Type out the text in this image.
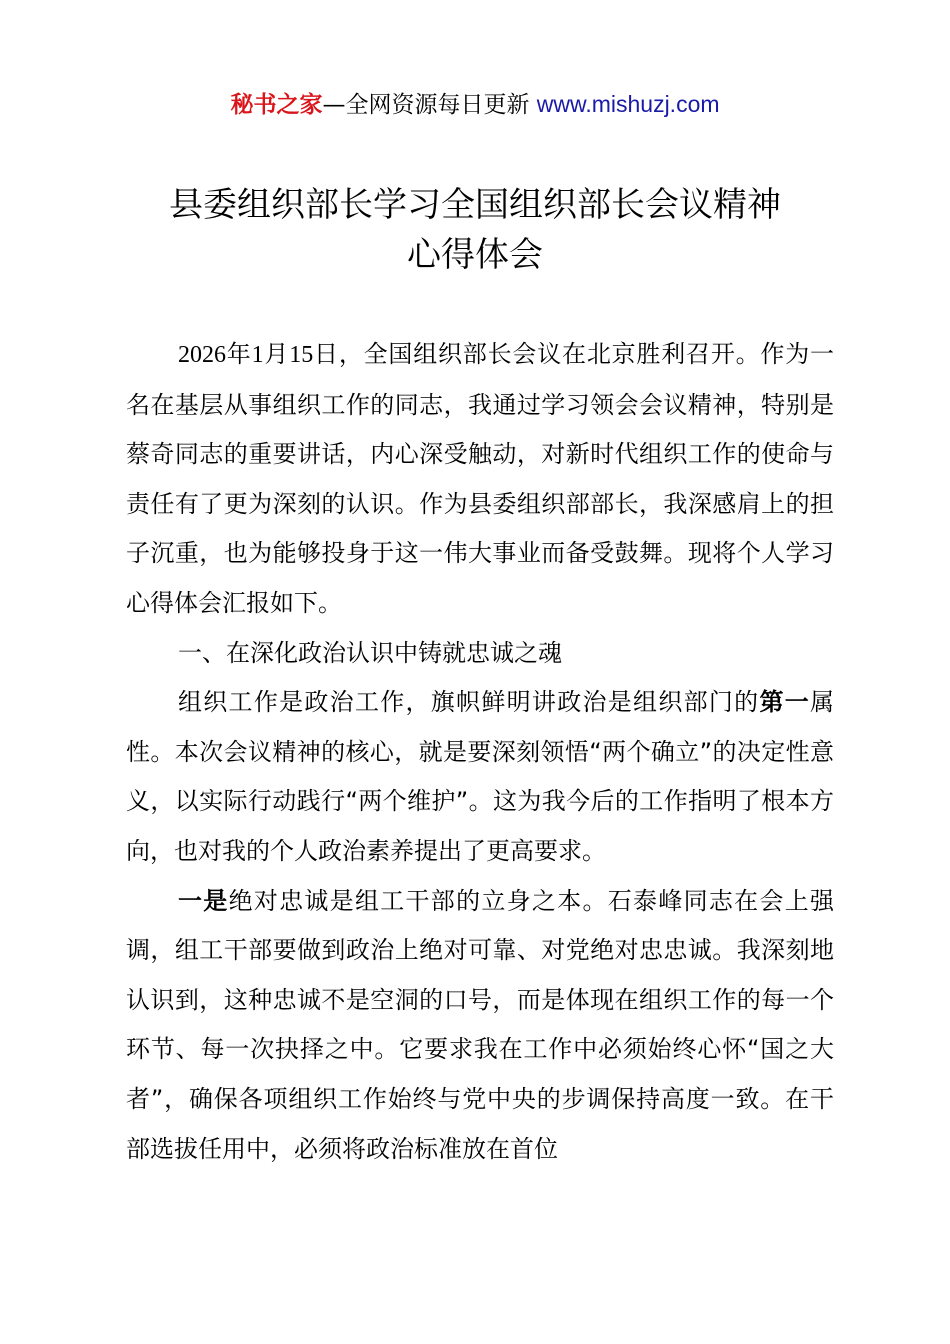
秘书之家—全网资源每日更新 www.mishuzj.com
县委组织部长学习全国组织部长会议精神
心得体会

2026年1月15日，全国组织部长会议在北京胜利召开。作为一名在基层从事组织工作的同志，我通过学习领会会议精神，特别是蔡奇同志的重要讲话，内心深受触动，对新时代组织工作的使命与责任有了更为深刻的认识。作为县委组织部部长，我深感肩上的担子沉重，也为能够投身于这一伟大事业而备受鼓舞。现将个人学习心得体会汇报如下。

一、在深化政治认识中铸就忠诚之魂

组织工作是政治工作，旗帜鲜明讲政治是组织部门的第一属性。本次会议精神的核心，就是要深刻领悟“两个确立”的决定性意义，以实际行动践行“两个维护”。这为我今后的工作指明了根本方向，也对我的个人政治素养提出了更高要求。

一是绝对忠诚是组工干部的立身之本。石泰峰同志在会上强调，组工干部要做到政治上绝对可靠、对党绝对忠忠诚。我深刻地认识到，这种忠诚不是空洞的口号，而是体现在组织工作的每一个环节、每一次抉择之中。它要求我在工作中必须始终心怀“国之大者”，确保各项组织工作始终与党中央的步调保持高度一致。在干部选拔任用中，必须将政治标准放在首位
